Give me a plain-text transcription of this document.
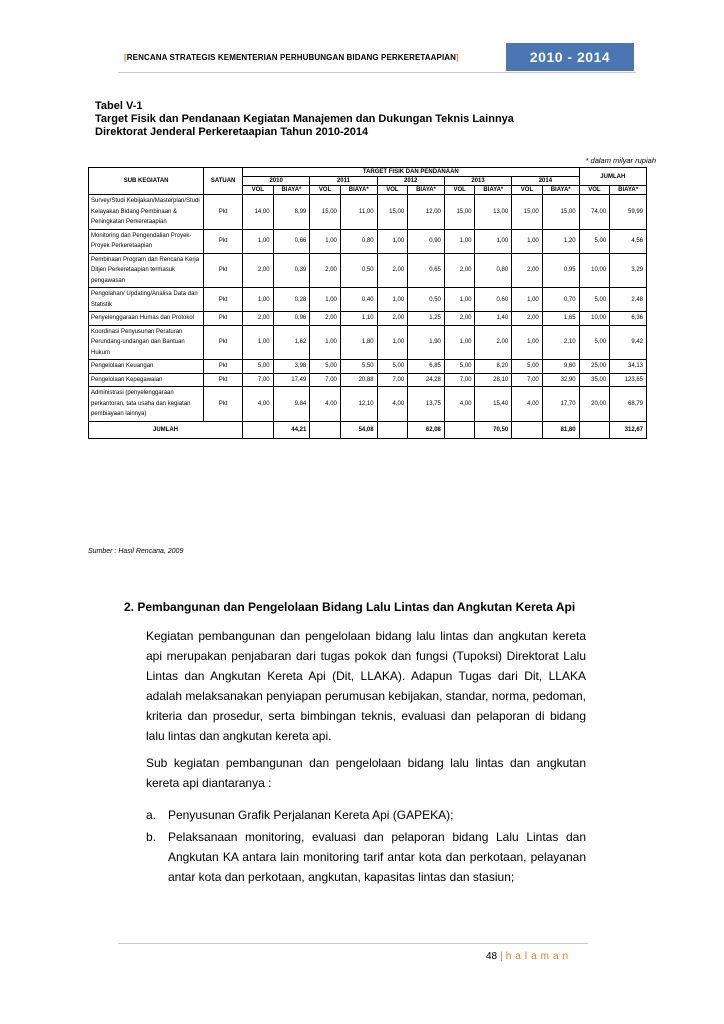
[RENCANA STRATEGIS KEMENTERIAN PERHUBUNGAN BIDANG PERKERETAAPIAN]	2010 - 2014
Tabel V-1
Target Fisik dan Pendanaan Kegiatan Manajemen dan Dukungan Teknis Lainnya
Direktorat Jenderal Perkeretaapian Tahun 2010-2014
* dalam milyar rupiah
SUB KEGIATAN	SATUAN	TARGET FISIK DAN PENDANAAN										JUMLAH	
		2010		2011		2012		2013		2014			
		VOL	BIAYA*	VOL	BIAYA*	VOL	BIAYA*	VOL	BIAYA*	VOL	BIAYA*	VOL	BIAYA*
Survey/Studi Kebijakan/Masterplan/Studi Kelayakan Bidang Pembinaan & Peningkatan Perkeretaapian	Pkt	14,00	8,99	15,00	11,00	15,00	12,00	15,00	13,00	15,00	15,00	74,00	59,99
Monitoring dan Pengendalian Proyek-Proyek Perkeretaapian	Pkt	1,00	0,66	1,00	0,80	1,00	0,90	1,00	1,00	1,00	1,20	5,00	4,56
Pembinaan Program dan Rencana Kerja Ditjen Perkeretaapian termasuk pengawasan	Pkt	2,00	0,39	2,00	0,50	2,00	0,65	2,00	0,80	2,00	0,95	10,00	3,29
Pengolahan/ Updating/Analisa Data dan Statistik	Pkt	1,00	0,28	1,00	0,40	1,00	0,50	1,00	0,60	1,00	0,70	5,00	2,48
Penyelenggaraan Humas dan Protokol	Pkt	2,00	0,96	2,00	1,10	2,00	1,25	2,00	1,40	2,00	1,65	10,00	6,36
Koordinasi Penyusunan Peraturan Perundang-undangan dan Bantuan Hukum	Pkt	1,00	1,62	1,00	1,80	1,00	1,90	1,00	2,00	1,00	2,10	5,00	9,42
Pengelolaan Keuangan	Pkt	5,00	3,98	5,00	5,50	5,00	6,85	5,00	8,20	5,00	9,60	25,00	34,13
Pengelolaan Kepegawaian	Pkt	7,00	17,49	7,00	20,88	7,00	24,28	7,00	28,10	7,00	32,90	35,00	123,65
Administrasi (penyelenggaraan perkantoran, tata usaha dan kegiatan pembiayaan lainnya)	Pkt	4,00	9,84	4,00	12,10	4,00	13,75	4,00	15,40	4,00	17,70	20,00	68,79
JUMLAH			44,21		54,08		62,08		70,50		81,80		312,67
Sumber : Hasil Rencana, 2009
2. Pembangunan dan Pengelolaan Bidang Lalu Lintas dan Angkutan Kereta Api
Kegiatan pembangunan dan pengelolaan bidang lalu lintas dan angkutan kereta api merupakan penjabaran dari tugas pokok dan fungsi (Tupoksi) Direktorat Lalu Lintas dan Angkutan Kereta Api (Dit, LLAKA). Adapun Tugas dari Dit, LLAKA adalah melaksanakan penyiapan perumusan kebijakan, standar, norma, pedoman, kriteria dan prosedur, serta bimbingan teknis, evaluasi dan pelaporan di bidang lalu lintas dan angkutan kereta api.
Sub kegiatan pembangunan dan pengelolaan bidang lalu lintas dan angkutan kereta api diantaranya :
a. Penyusunan Grafik Perjalanan Kereta Api (GAPEKA);
b. Pelaksanaan monitoring, evaluasi dan pelaporan bidang Lalu Lintas dan Angkutan KA antara lain monitoring tarif antar kota dan perkotaan, pelayanan antar kota dan perkotaan, angkutan, kapasitas lintas dan stasiun;
48 | halaman
